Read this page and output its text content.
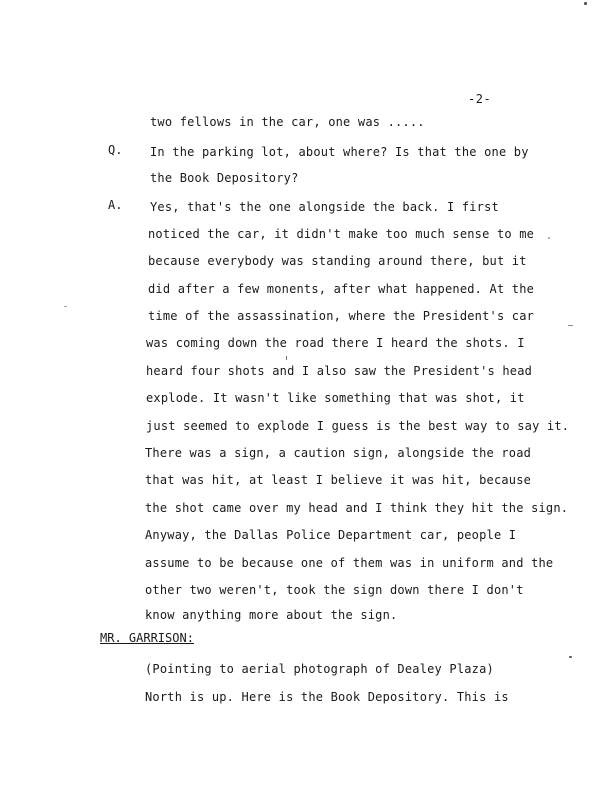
-2-
two fellows in the car, one was .....
Q. In the parking lot, about where? Is that the one by
the Book Depository?
A. Yes, that's the one alongside the back. I first
noticed the car, it didn't make too much sense to me
because everybody was standing around there, but it
did after a few monents, after what happened. At the
time of the assassination, where the President's car
was coming down the road there I heard the shots. I
heard four shots and I also saw the President's head
explode. It wasn't like something that was shot, it
just seemed to explode I guess is the best way to say it.
There was a sign, a caution sign, alongside the road
that was hit, at least I believe it was hit, because
the shot came over my head and I think they hit the sign.
Anyway, the Dallas Police Department car, people I
assume to be because one of them was in uniform and the
other two weren't, took the sign down there I don't
know anything more about the sign.
MR. GARRISON:
(Pointing to aerial photograph of Dealey Plaza)
North is up. Here is the Book Depository. This is
